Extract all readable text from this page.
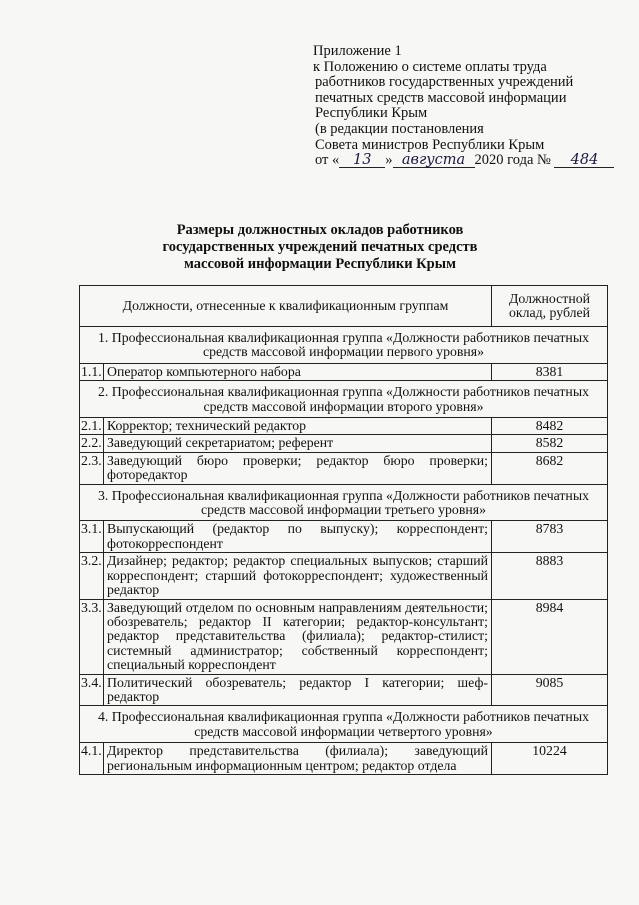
Приложение 1
к Положению о системе оплаты труда
работников государственных учреждений
печатных средств массовой информации
Республики Крым
(в редакции постановления
Совета министров Республики Крым
от « 13 » августа 2020 года № 484
Размеры должностных окладов работников
государственных учреждений печатных средств
массовой информации Республики Крым
Должности, отнесенные к квалификационным группам		Должностной оклад, рублей
1. Профессиональная квалификационная группа «Должности работников печатных средств массовой информации первого уровня»		
1.1.	Оператор компьютерного набора	8381
2. Профессиональная квалификационная группа «Должности работников печатных средств массовой информации второго уровня»		
2.1.	Корректор; технический редактор	8482
2.2.	Заведующий секретариатом; референт	8582
2.3.	Заведующий бюро проверки; редактор бюро проверки; фоторедактор	8682
3. Профессиональная квалификационная группа «Должности работников печатных средств массовой информации третьего уровня»		
3.1.	Выпускающий (редактор по выпуску); корреспондент; фотокорреспондент	8783
3.2.	Дизайнер; редактор; редактор специальных выпусков; старший корреспондент; старший фотокорреспондент; художественный редактор	8883
3.3.	Заведующий отделом по основным направлениям деятельности; обозреватель; редактор II категории; редактор-консультант; редактор представительства (филиала); редактор-стилист; системный администратор; собственный корреспондент; специальный корреспондент	8984
3.4.	Политический обозреватель; редактор I категории; шеф-редактор	9085
4. Профессиональная квалификационная группа «Должности работников печатных средств массовой информации четвертого уровня»		
4.1.	Директор представительства (филиала); заведующий региональным информационным центром; редактор отдела	10224
